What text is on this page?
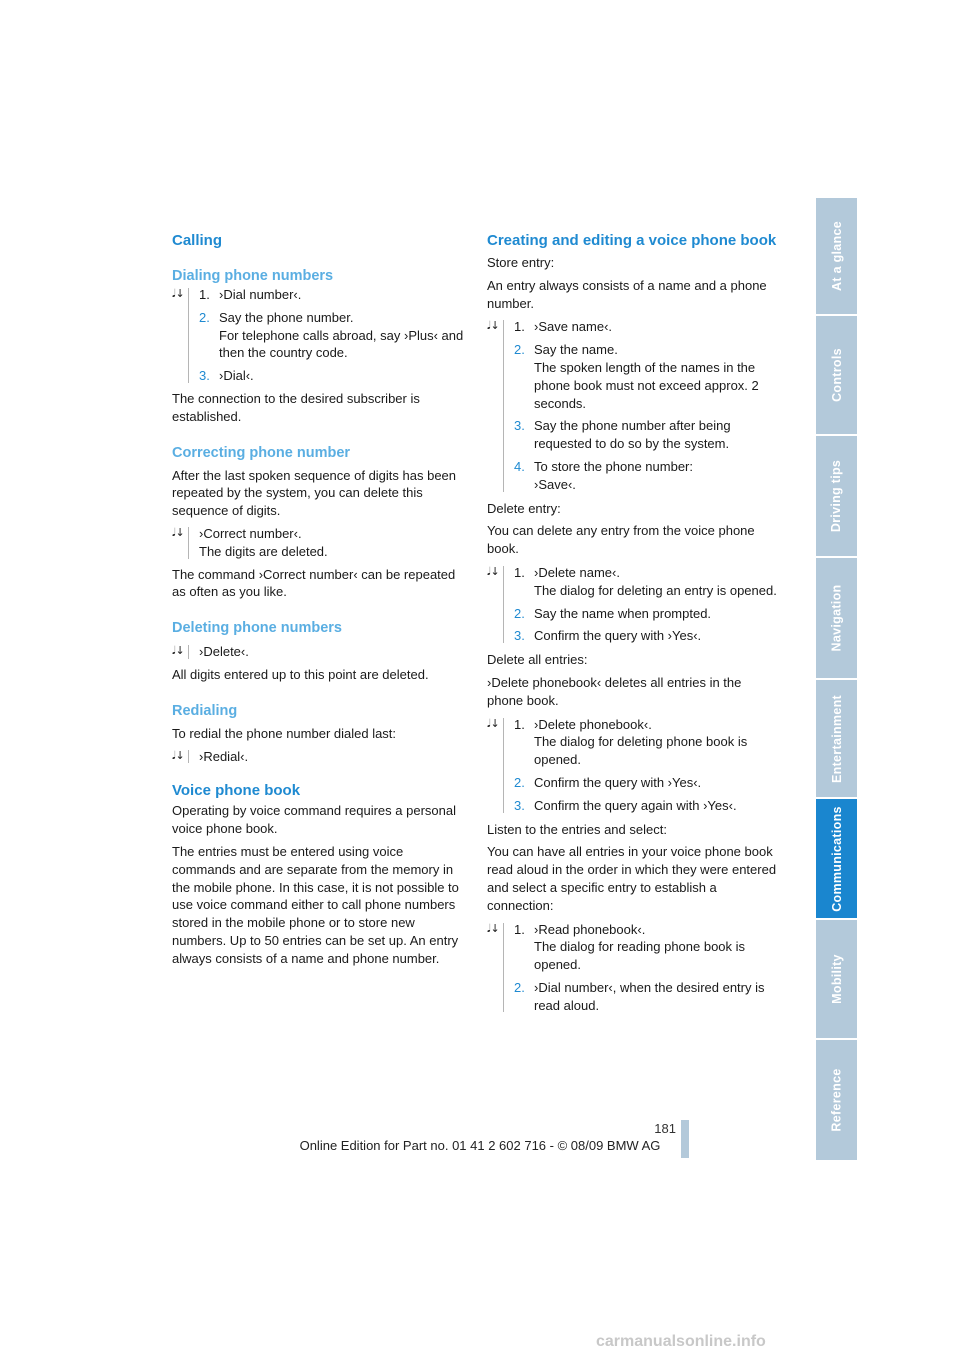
Calling
Dialing phone numbers
𝅘𝅥↓ 1. ›Dial number‹.
2. Say the phone number.
For telephone calls abroad, say ›Plus‹ and then the country code.
3. ›Dial‹.

The connection to the desired subscriber is established.

Correcting phone number

After the last spoken sequence of digits has been repeated by the system, you can delete this sequence of digits.

𝅘𝅥↓ ›Correct number‹.

The digits are deleted.

The command ›Correct number‹ can be repeated as often as you like.

Deleting phone numbers
𝅘𝅥↓ ›Delete‹.

All digits entered up to this point are deleted.

Redialing

To redial the phone number dialed last:

𝅘𝅥↓ ›Redial‹.

Voice phone book

Operating by voice command requires a personal voice phone book.

The entries must be entered using voice commands and are separate from the memory in the mobile phone. In this case, it is not possible to use voice command either to call phone numbers stored in the mobile phone or to store new numbers. Up to 50 entries can be set up. An entry always consists of a name and phone number.

Creating and editing a voice phone book

Store entry:

An entry always consists of a name and a phone number.

𝅘𝅥↓ 1. ›Save name‹.
2. Say the name.
The spoken length of the names in the phone book must not exceed approx. 2 seconds.
3. Say the phone number after being requested to do so by the system.
4. To store the phone number:
›Save‹.

Delete entry:

You can delete any entry from the voice phone book.

𝅘𝅥↓ 1. ›Delete name‹.
The dialog for deleting an entry is opened.
2. Say the name when prompted.
3. Confirm the query with ›Yes‹.

Delete all entries:

›Delete phonebook‹ deletes all entries in the phone book.

𝅘𝅥↓ 1. ›Delete phonebook‹.
The dialog for deleting phone book is opened.
2. Confirm the query with ›Yes‹.
3. Confirm the query again with ›Yes‹.

Listen to the entries and select:

You can have all entries in your voice phone book read aloud in the order in which they were entered and select a specific entry to establish a connection:

𝅘𝅥↓ 1. ›Read phonebook‹.
The dialog for reading phone book is opened.
2. ›Dial number‹, when the desired entry is read aloud.
At a glance
Controls
Driving tips
Navigation
Entertainment
Communications
Mobility
Reference
181
Online Edition for Part no. 01 41 2 602 716 - © 08/09 BMW AG
carmanualsonline.info
